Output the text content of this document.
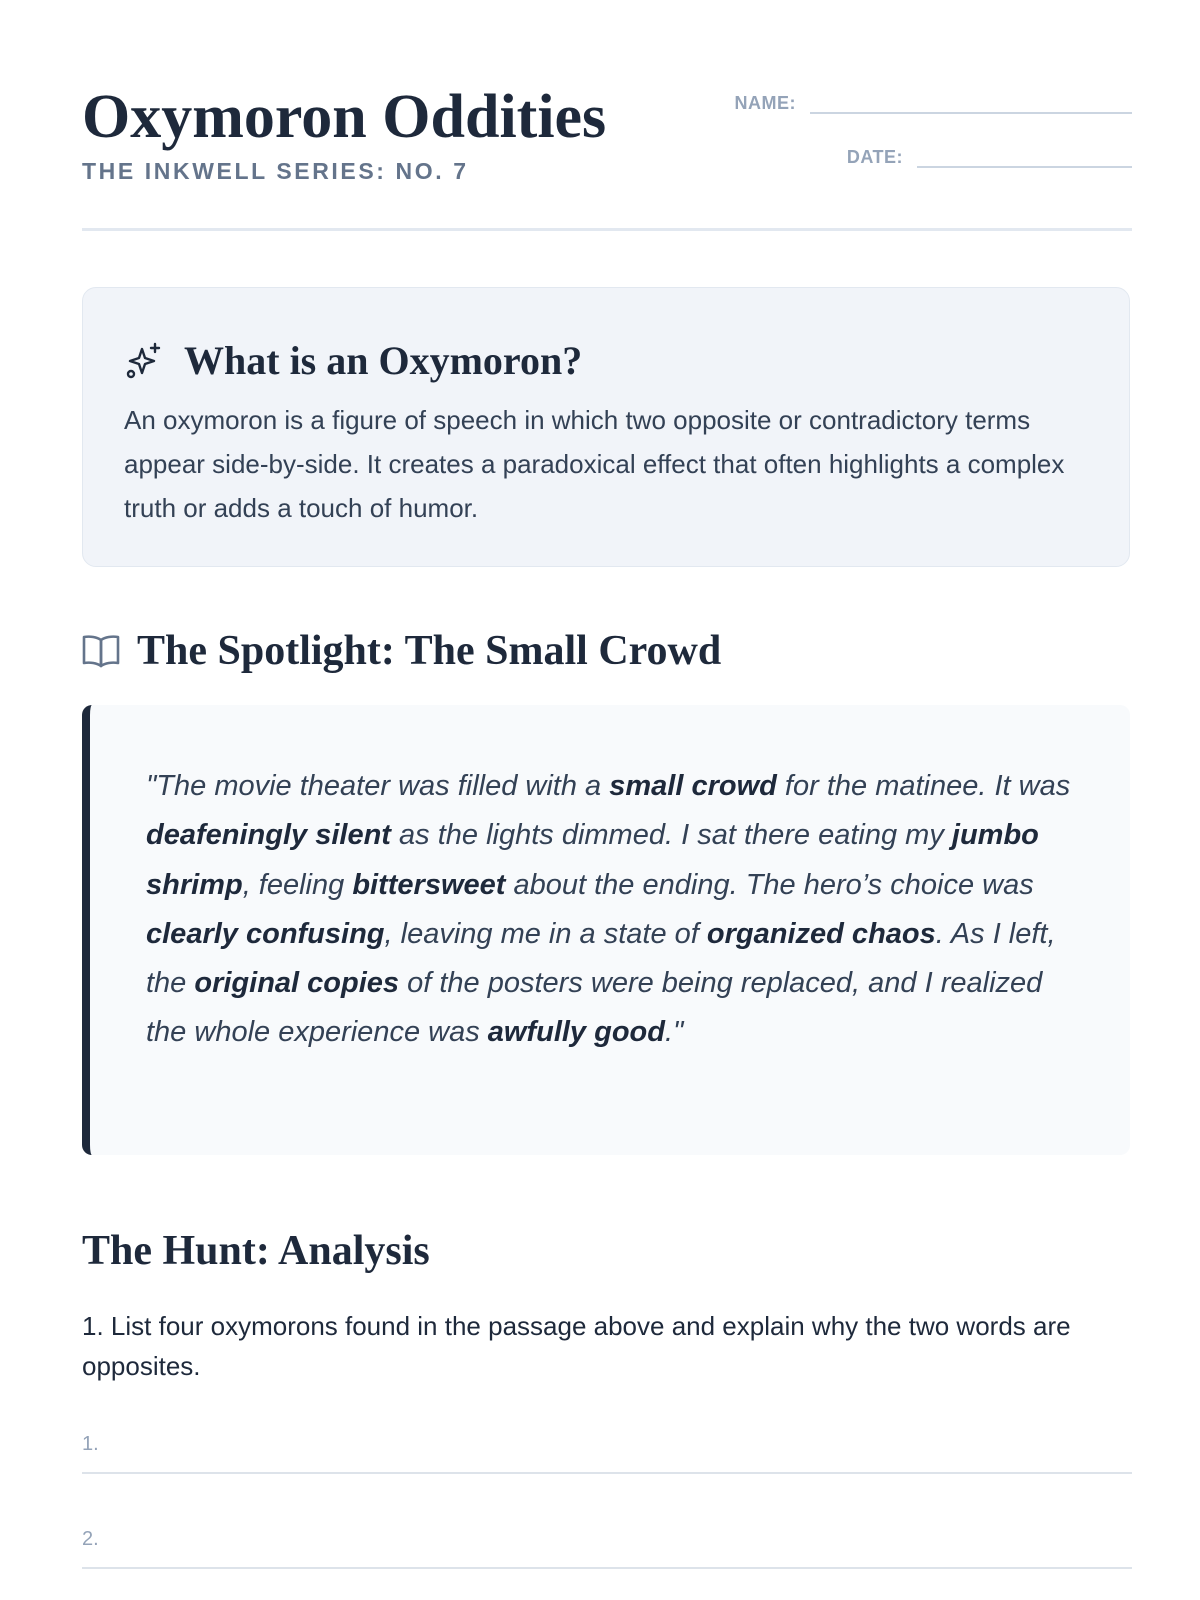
Oxymoron Oddities
THE INKWELL SERIES: NO. 7
NAME:
DATE:
What is an Oxymoron?

An oxymoron is a figure of speech in which two opposite or contradictory terms appear side-by-side. It creates a paradoxical effect that often highlights a complex truth or adds a touch of humor.

The Spotlight: The Small Crowd
"The movie theater was filled with a small crowd for the matinee. It was deafeningly silent as the lights dimmed. I sat there eating my jumbo shrimp, feeling bittersweet about the ending. The hero’s choice was clearly confusing, leaving me in a state of organized chaos. As I left, the original copies of the posters were being replaced, and I realized the whole experience was awfully good."
The Hunt: Analysis

1. List four oxymorons found in the passage above and explain why the two words are opposites.

1.
2.
